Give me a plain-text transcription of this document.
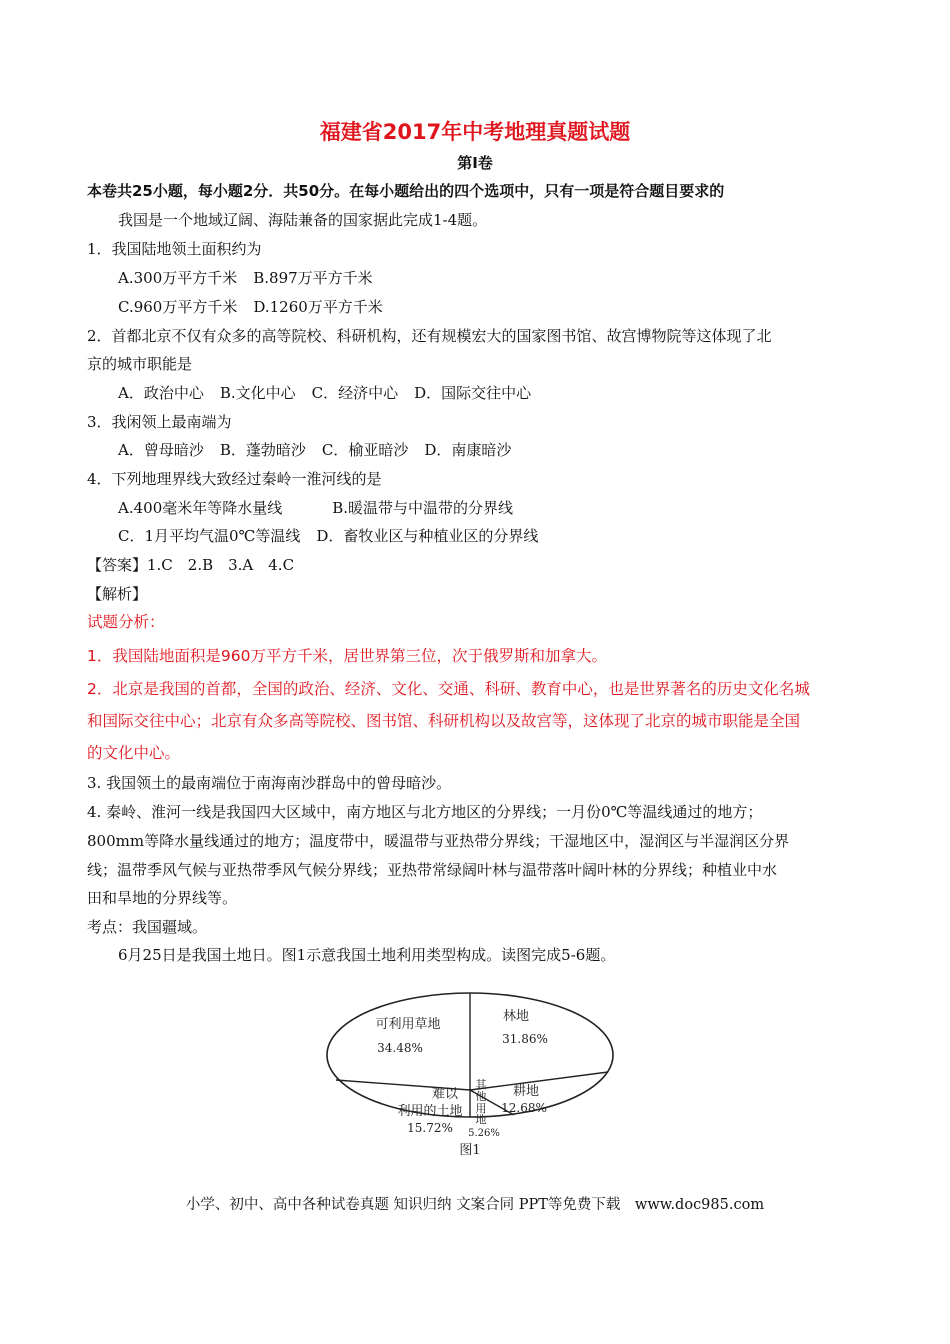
福建省2017年中考地理真题试题
第Ⅰ卷
本卷共25小题，每小题2分．共50分。在每小题给出的四个选项中，只有一项是符合题目要求的
我国是一个地域辽阔、海陆兼备的国家据此完成1-4题。
1．我国陆地领土面积约为
A.300万平方千米 B.897万平方千米
C.960万平方千米 D.1260万平方千米
2．首都北京不仅有众多的高等院校、科研机构，还有规模宏大的国家图书馆、故宫博物院等这体现了北
京的城市职能是
A．政治中心 B.文化中心 C．经济中心 D．国际交往中心
3．我闲领上最南端为
A．曾母暗沙 B．蓬勃暗沙 C．榆亚暗沙 D．南康暗沙
4．下列地理界线大致经过秦岭一淮河线的是
A.400毫米年等降水量线	B.暖温带与中温带的分界线
C．1月平均气温0℃等温线 D．畜牧业区与种植业区的分界线
【答案】1.C　2.B　3.A　4.C
【解析】
试题分析：
1．我国陆地面积是960万平方千米，居世界第三位，次于俄罗斯和加拿大。
2．北京是我国的首都，全国的政治、经济、文化、交通、科研、教育中心，也是世界著名的历史文化名城
和国际交往中心；北京有众多高等院校、图书馆、科研机构以及故宫等，这体现了北京的城市职能是全国
的文化中心。
3. 我国领土的最南端位于南海南沙群岛中的曾母暗沙。
4. 秦岭、淮河一线是我国四大区域中，南方地区与北方地区的分界线；一月份0℃等温线通过的地方；
800mm等降水量线通过的地方；温度带中，暖温带与亚热带分界线；干湿地区中，湿润区与半湿润区分界
线；温带季风气候与亚热带季风气候分界线；亚热带常绿阔叶林与温带落叶阔叶林的分界线；种植业中水
田和旱地的分界线等。
考点：我国疆域。
6月25日是我国土地日。图1示意我国土地利用类型构成。读图完成5-6题。
可利用草地
34.48%
林地
31.86%
耕地
12.68%
其
他
用
地
5.26%
难以
利用的土地
15.72%
图1
小学、初中、高中各种试卷真题 知识归纳 文案合同 PPT等免费下载　www.doc985.com
